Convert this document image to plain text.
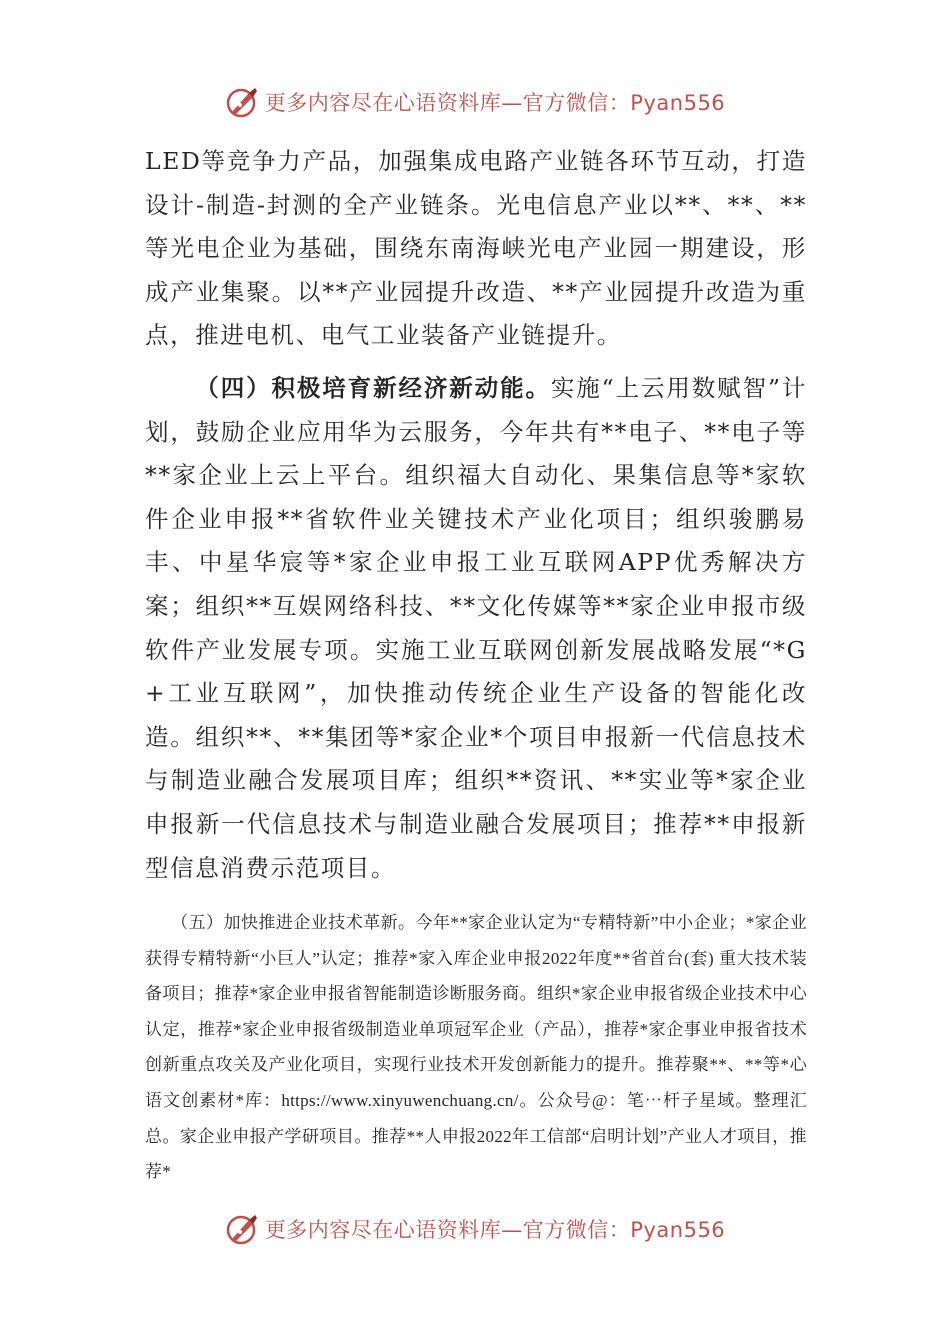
更多内容尽在心语资料库—官方微信：Pyan556

LED等竞争力产品，加强集成电路产业链各环节互动，打造设计-制造-封测的全产业链条。光电信息产业以**、**、**等光电企业为基础，围绕东南海峡光电产业园一期建设，形成产业集聚。以**产业园提升改造、**产业园提升改造为重点，推进电机、电气工业装备产业链提升。

（四）积极培育新经济新动能。实施“上云用数赋智”计划，鼓励企业应用华为云服务，今年共有**电子、**电子等**家企业上云上平台。组织福大自动化、果集信息等*家软件企业申报**省软件业关键技术产业化项目；组织骏鹏易丰、中星华宸等*家企业申报工业互联网APP优秀解决方案；组织**互娱网络科技、**文化传媒等**家企业申报市级软件产业发展专项。实施工业互联网创新发展战略发展“*G+工业互联网”，加快推动传统企业生产设备的智能化改造。组织**、**集团等*家企业*个项目申报新一代信息技术与制造业融合发展项目库；组织**资讯、**实业等*家企业申报新一代信息技术与制造业融合发展项目；推荐**申报新型信息消费示范项目。

（五）加快推进企业技术革新。今年**家企业认定为“专精特新”中小企业；*家企业获得专精特新“小巨人”认定；推荐*家入库企业申报2022年度**省首台(套) 重大技术装备项目；推荐*家企业申报省智能制造诊断服务商。组织*家企业申报省级企业技术中心认定，推荐*家企业申报省级制造业单项冠军企业（产品），推荐*家企事业申报省技术创新重点攻关及产业化项目，实现行业技术开发创新能力的提升。推荐聚**、**等*心语文创素材*库：https://www.xinyuwenchuang.cn/。公众号@：笔⋯杆子星域。整理汇总。家企业申报产学研项目。推荐**人申报2022年工信部“启明计划”产业人才项目，推荐*

更多内容尽在心语资料库—官方微信：Pyan556
